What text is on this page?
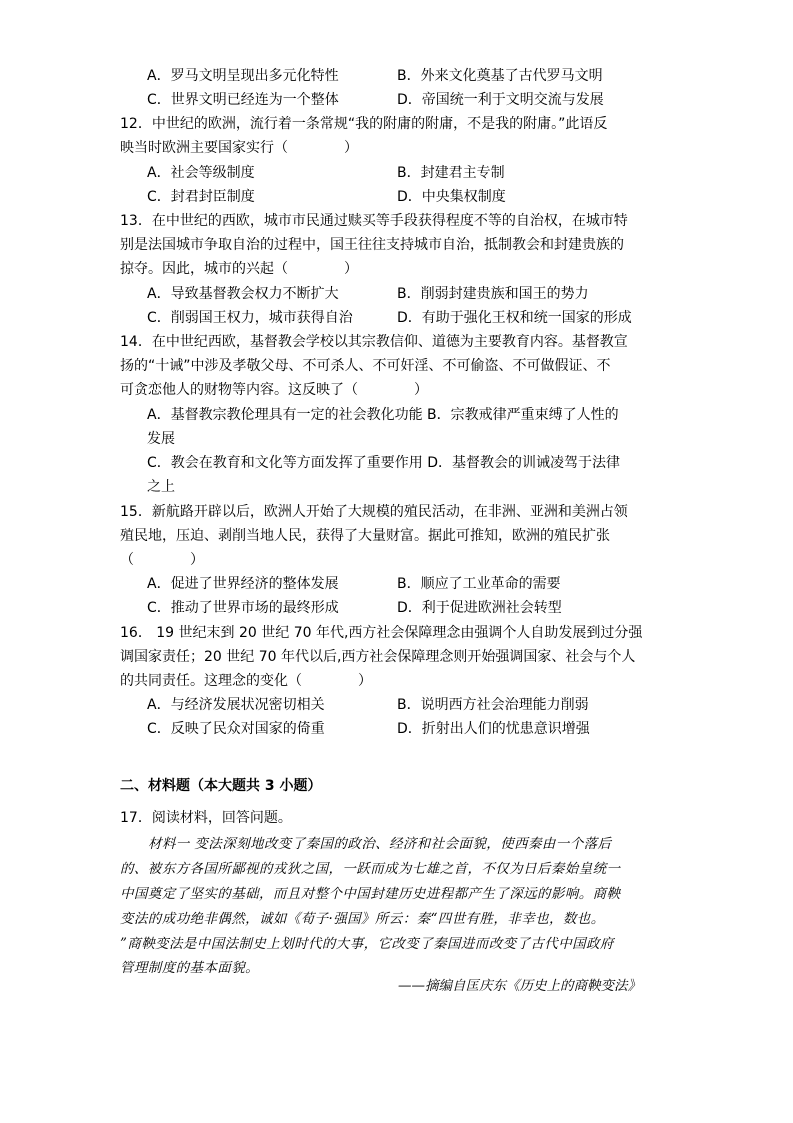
A．罗马文明呈现出多元化特性	B．外来文化奠基了古代罗马文明
C．世界文明已经连为一个整体	D．帝国统一利于文明交流与发展
12．中世纪的欧洲，流行着一条常规“我的附庸的附庸，不是我的附庸。”此语反
映当时欧洲主要国家实行（　　　　）
A．社会等级制度	B．封建君主专制
C．封君封臣制度	D．中央集权制度
13．在中世纪的西欧，城市市民通过赎买等手段获得程度不等的自治权，在城市特
别是法国城市争取自治的过程中，国王往往支持城市自治，抵制教会和封建贵族的
掠夺。因此，城市的兴起（　　　　）
A．导致基督教会权力不断扩大	B．削弱封建贵族和国王的势力
C．削弱国王权力，城市获得自治	D．有助于强化王权和统一国家的形成
14．在中世纪西欧，基督教会学校以其宗教信仰、道德为主要教育内容。基督教宣
扬的“十诫”中涉及孝敬父母、不可杀人、不可奸淫、不可偷盗、不可做假证、不
可贪恋他人的财物等内容。这反映了（　　　　）
A．基督教宗教伦理具有一定的社会教化功能 B．宗教戒律严重束缚了人性的
发展
C．教会在教育和文化等方面发挥了重要作用 D．基督教会的训诫凌驾于法律
之上
15．新航路开辟以后，欧洲人开始了大规模的殖民活动，在非洲、亚洲和美洲占领
殖民地，压迫、剥削当地人民，获得了大量财富。据此可推知，欧洲的殖民扩张
（　　　　）
A．促进了世界经济的整体发展	B．顺应了工业革命的需要
C．推动了世界市场的最终形成	D．利于促进欧洲社会转型
16． 19 世纪末到 20 世纪 70 年代,西方社会保障理念由强调个人自助发展到过分强
调国家责任；20 世纪 70 年代以后,西方社会保障理念则开始强调国家、社会与个人
的共同责任。这理念的变化（　　　　）
A．与经济发展状况密切相关	B．说明西方社会治理能力削弱
C．反映了民众对国家的倚重	D．折射出人们的忧患意识增强
二、材料题（本大题共 3 小题）
17．阅读材料，回答问题。
材料一 变法深刻地改变了秦国的政治、经济和社会面貌，使西秦由一个落后
的、被东方各国所鄙视的戎狄之国，一跃而成为七雄之首，不仅为日后秦始皇统一
中国奠定了坚实的基础，而且对整个中国封建历史进程都产生了深远的影响。商鞅
变法的成功绝非偶然，诚如《荀子·强国》所云：秦“四世有胜，非幸也，数也。
”商鞅变法是中国法制史上划时代的大事，它改变了秦国进而改变了古代中国政府
管理制度的基本面貌。
——摘编自匡庆东《历史上的商鞅变法》
